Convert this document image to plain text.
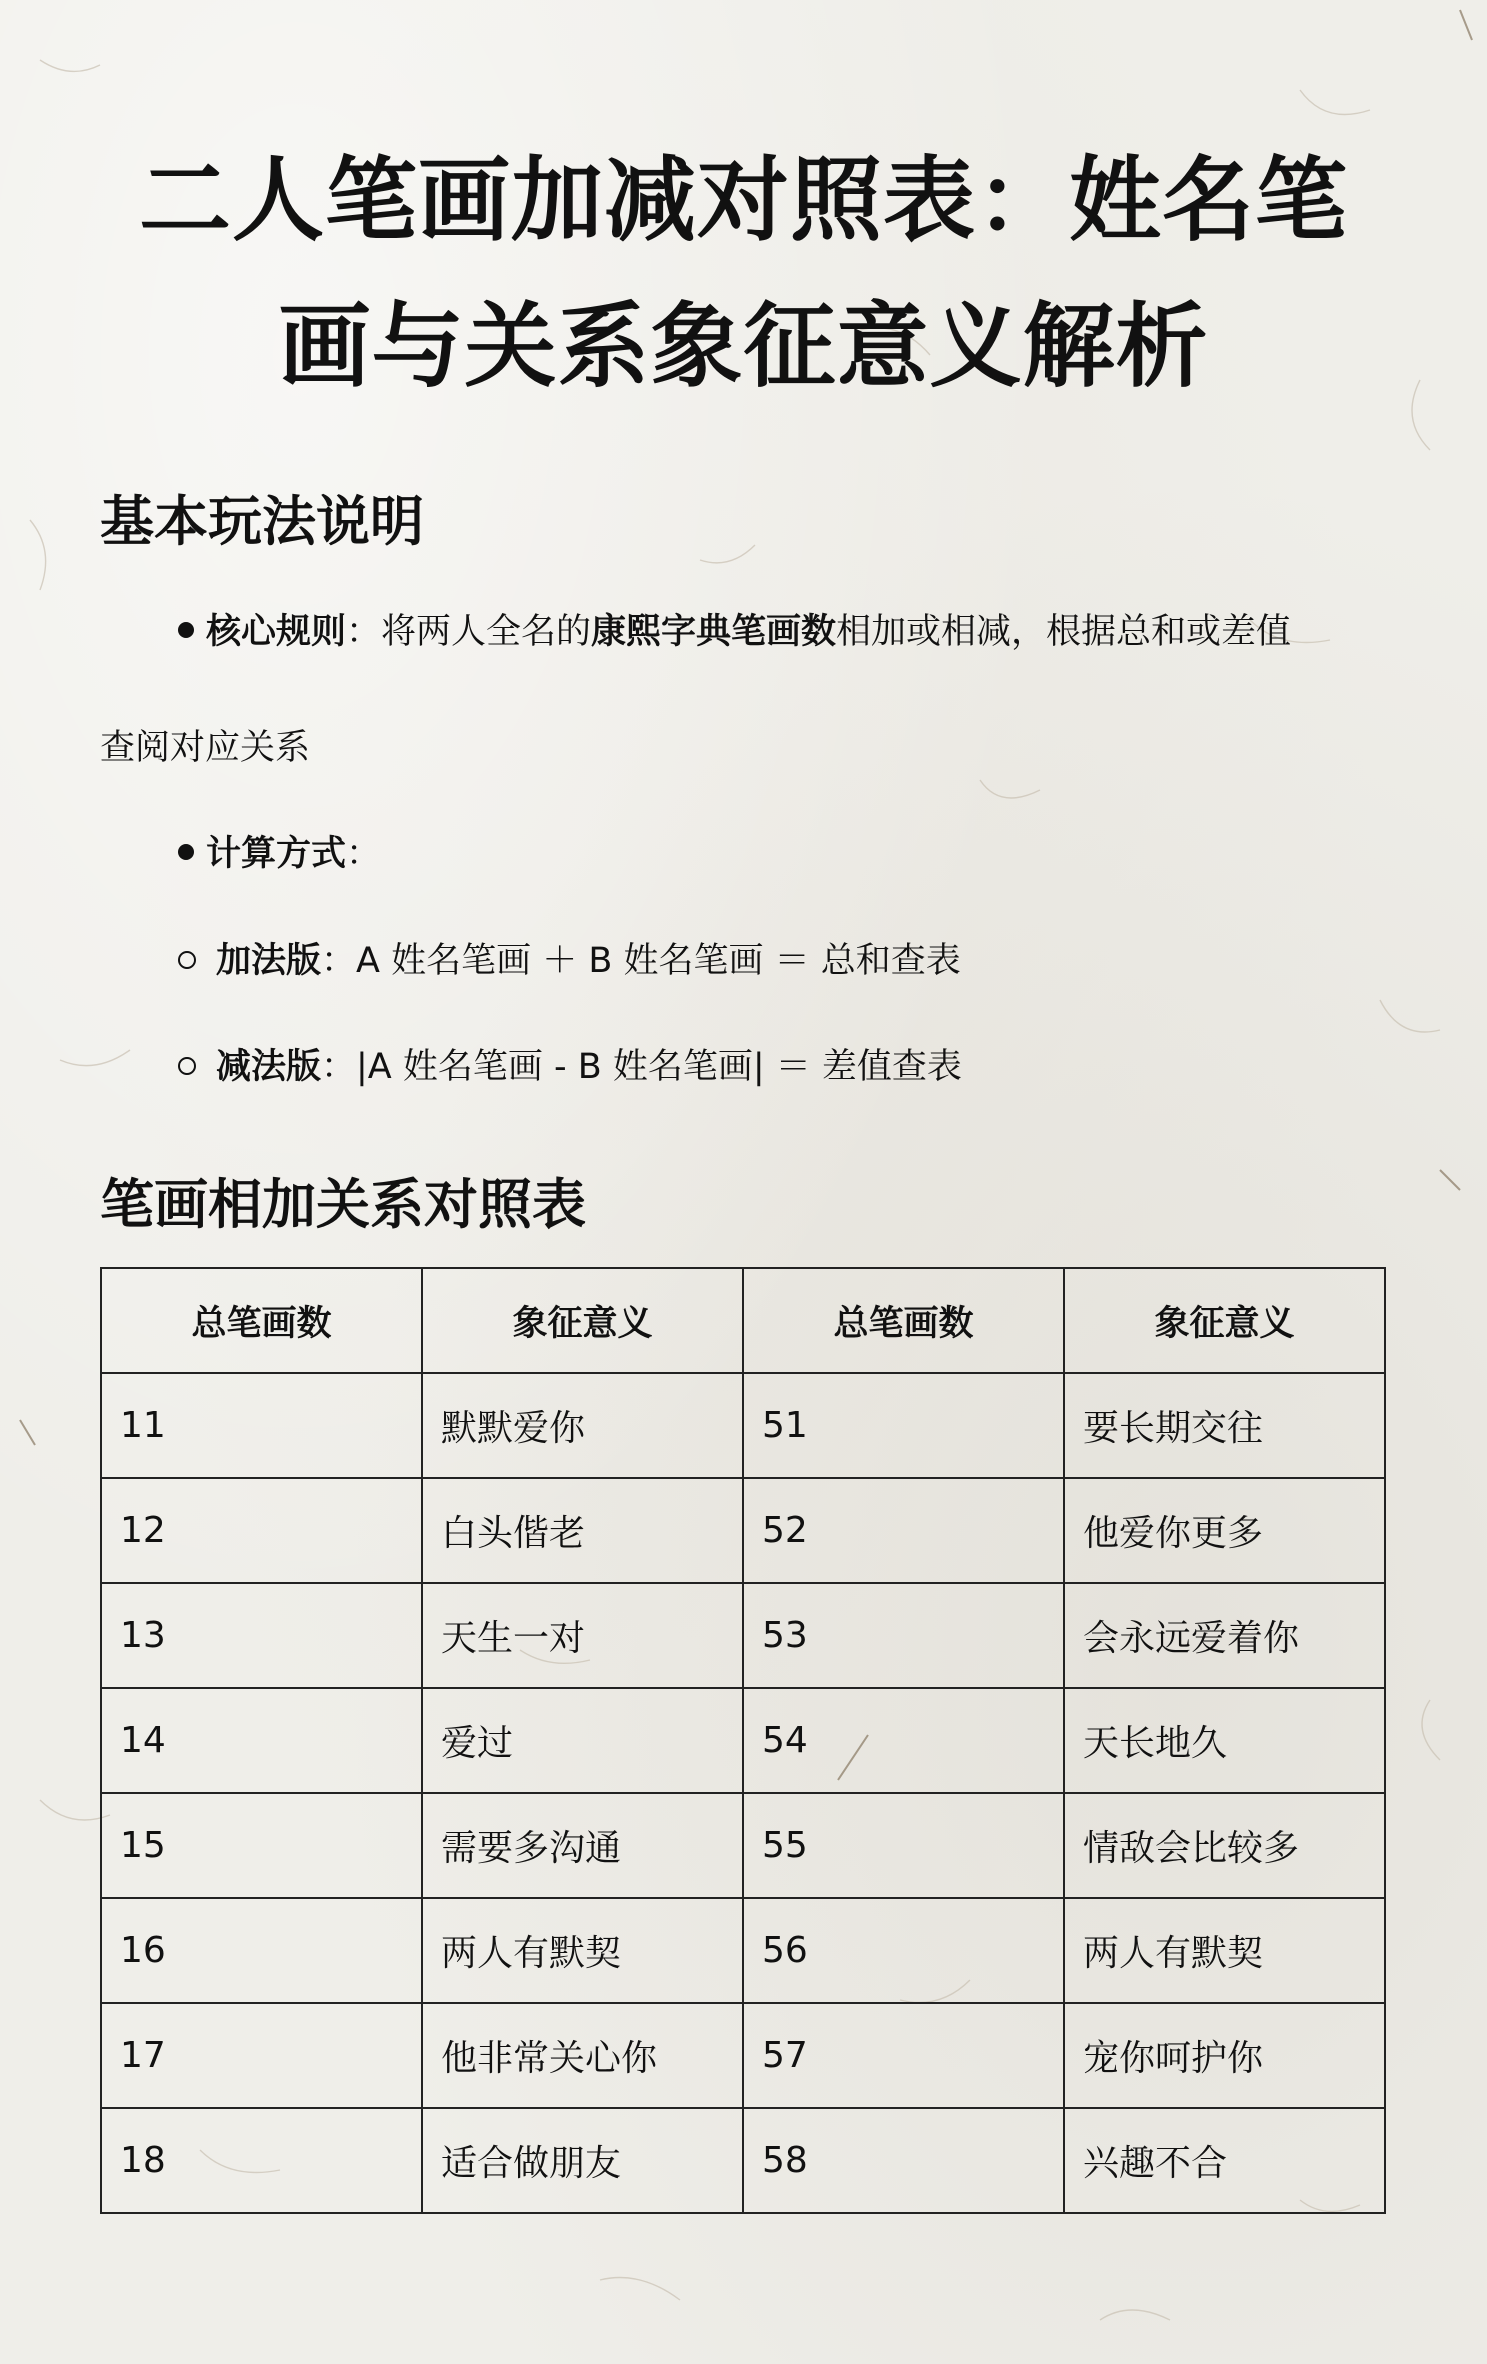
二人笔画加减对照表：姓名笔
画与关系象征意义解析
基本玩法说明
核心规则：将两人全名的康熙字典笔画数相加或相减，根据总和或差值
查阅对应关系
计算方式：
加法版：A 姓名笔画 ＋ B 姓名笔画 ＝ 总和查表
减法版：|A 姓名笔画 - B 姓名笔画| ＝ 差值查表
笔画相加关系对照表
总笔画数	象征意义	总笔画数	象征意义
11	默默爱你	51	要长期交往
12	白头偕老	52	他爱你更多
13	天生一对	53	会永远爱着你
14	爱过	54	天长地久
15	需要多沟通	55	情敌会比较多
16	两人有默契	56	两人有默契
17	他非常关心你	57	宠你呵护你
18	适合做朋友	58	兴趣不合
